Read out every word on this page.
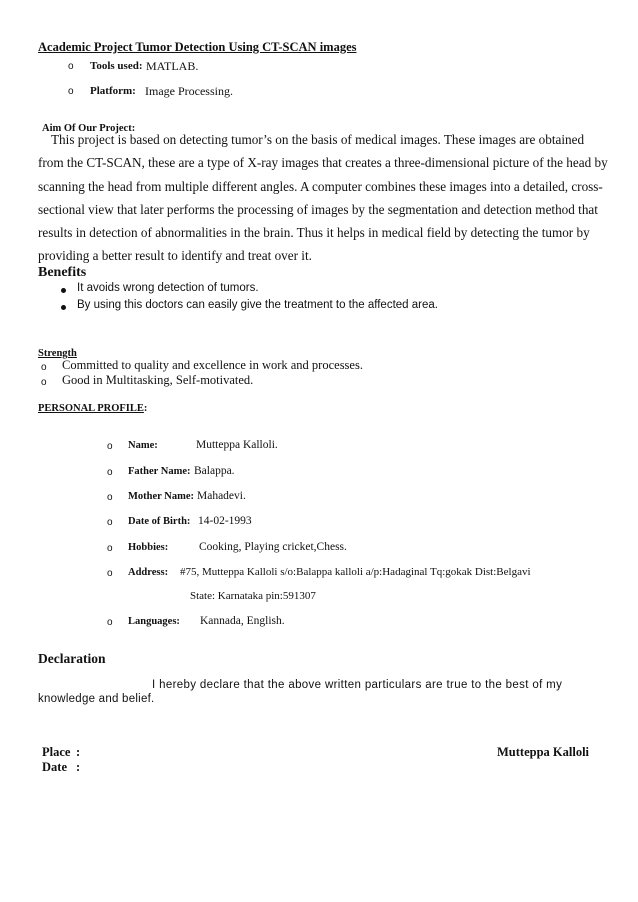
Academic Project Tumor Detection Using CT-SCAN images
o Tools used: MATLAB.
o Platform: Image Processing.
Aim Of Our Project:
This project is based on detecting tumor’s on the basis of medical images. These images are obtained
from the CT-SCAN, these are a type of X-ray images that creates a three-dimensional picture of the head by
scanning the head from multiple different angles. A computer combines these images into a detailed, cross-
sectional view that later performs the processing of images by the segmentation and detection method that
results in detection of abnormalities in the brain. Thus it helps in medical field by detecting the tumor by
providing a better result to identify and treat over it.
Benefits
It avoids wrong detection of tumors.
By using this doctors can easily give the treatment to the affected area.
Strength
o Committed to quality and excellence in work and processes.
o Good in Multitasking, Self-motivated.
PERSONAL PROFILE:
o Name:	Mutteppa Kalloli.
o Father Name: Balappa.
o Mother Name: Mahadevi.
o Date of Birth: 14-02-1993
o Hobbies:	Cooking, Playing cricket,Chess.
o Address: #75, Mutteppa Kalloli s/o:Balappa kalloli a/p:Hadaginal Tq:gokak Dist:Belgavi
State: Karnataka pin:591307
o Languages: Kannada, English.
Declaration
I hereby declare that the above written particulars are true to the best of my
knowledge and belief.
Place :
Date :
Mutteppa Kalloli
